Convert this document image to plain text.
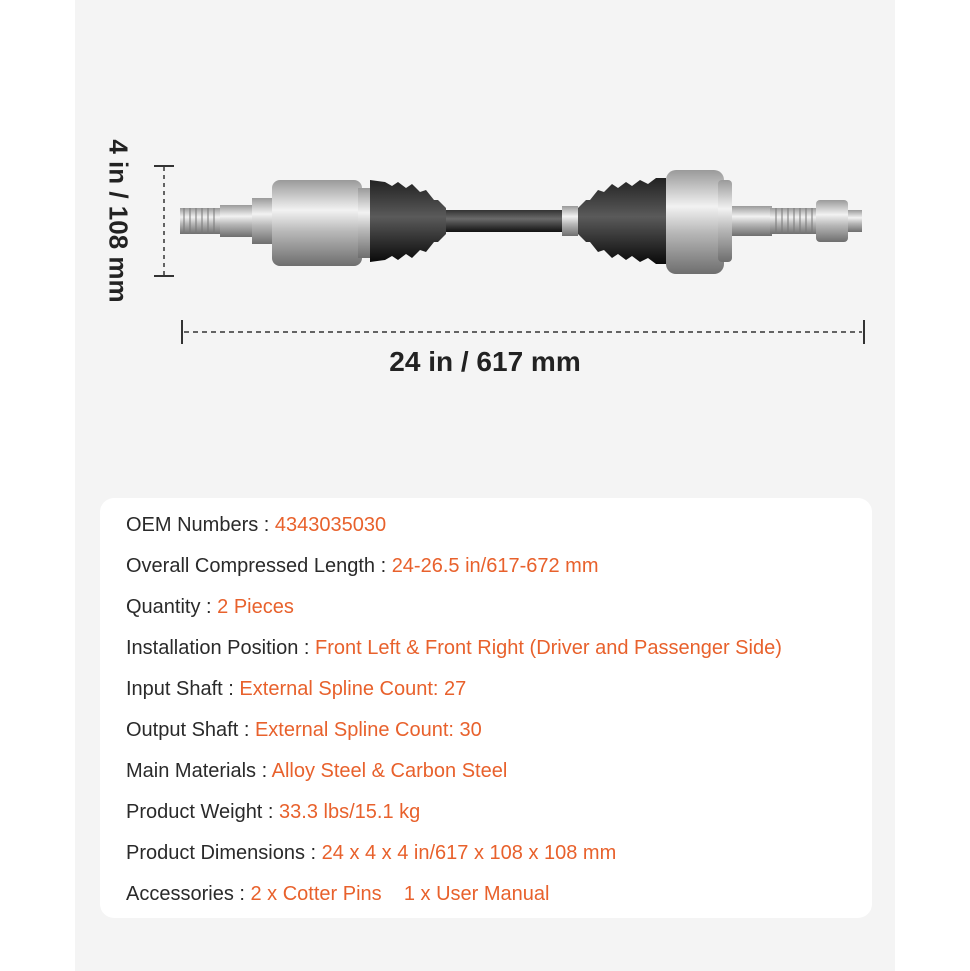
4 in / 108 mm
24 in / 617 mm
OEM Numbers : 4343035030
Overall Compressed Length : 24-26.5 in/617-672 mm
Quantity : 2 Pieces
Installation Position : Front Left & Front Right (Driver and Passenger Side)
Input Shaft : External Spline Count: 27
Output Shaft : External Spline Count: 30
Main Materials : Alloy Steel & Carbon Steel
Product Weight : 33.3 lbs/15.1 kg
Product Dimensions : 24 x 4 x 4 in/617 x 108 x 108 mm
Accessories : 2 x Cotter Pins    1 x User Manual
